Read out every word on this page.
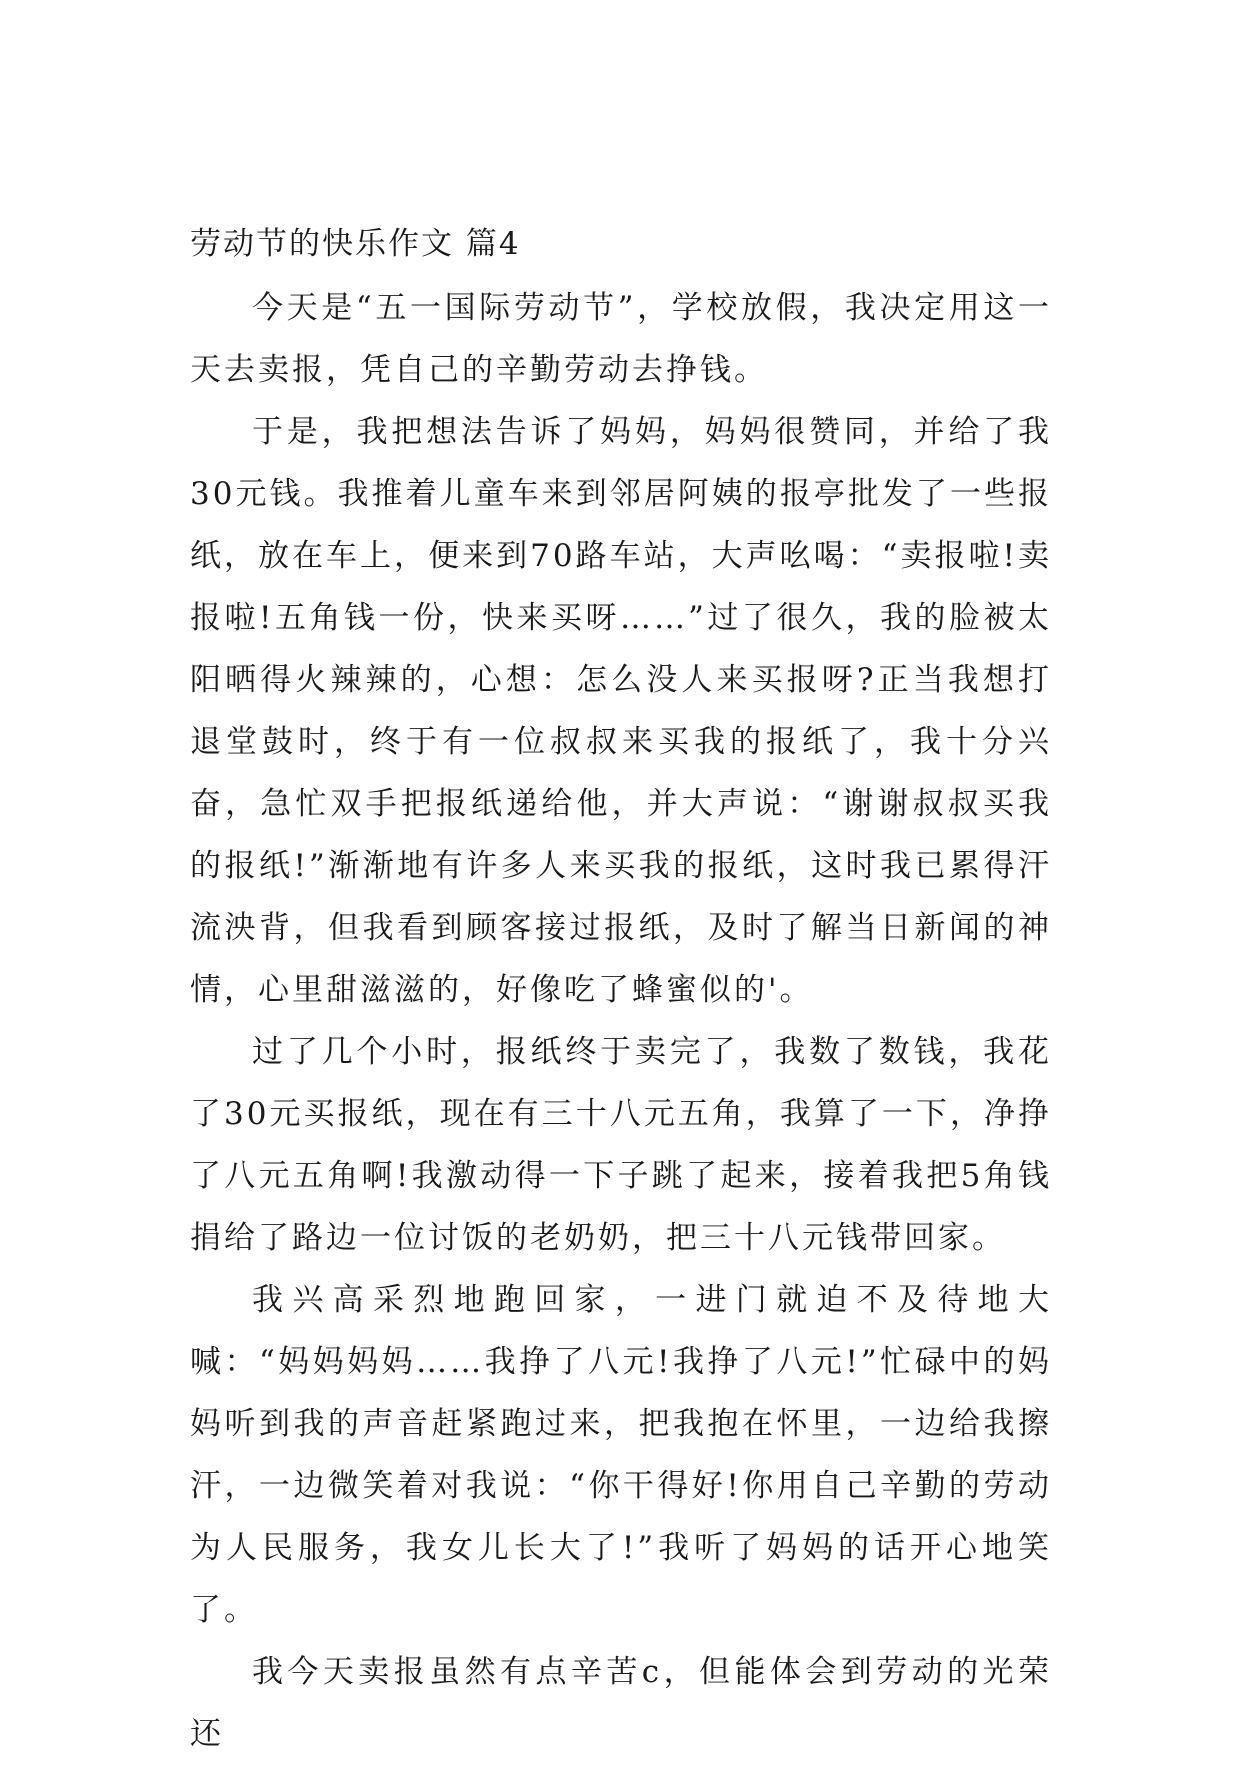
劳动节的快乐作文 篇4

今天是“五一国际劳动节”，学校放假，我决定用这一天去卖报，凭自己的辛勤劳动去挣钱。

于是，我把想法告诉了妈妈，妈妈很赞同，并给了我30元钱。我推着儿童车来到邻居阿姨的报亭批发了一些报纸，放在车上，便来到70路车站，大声吆喝：“卖报啦!卖报啦!五角钱一份，快来买呀……”过了很久，我的脸被太阳晒得火辣辣的，心想：怎么没人来买报呀?正当我想打退堂鼓时，终于有一位叔叔来买我的报纸了，我十分兴奋，急忙双手把报纸递给他，并大声说：“谢谢叔叔买我的报纸!”渐渐地有许多人来买我的报纸，这时我已累得汗流泱背，但我看到顾客接过报纸，及时了解当日新闻的神情，心里甜滋滋的，好像吃了蜂蜜似的'。

过了几个小时，报纸终于卖完了，我数了数钱，我花了30元买报纸，现在有三十八元五角，我算了一下，净挣了八元五角啊!我激动得一下子跳了起来，接着我把5角钱捐给了路边一位讨饭的老奶奶，把三十八元钱带回家。

我兴高采烈地跑回家，一进门就迫不及待地大喊：“妈妈妈妈……我挣了八元!我挣了八元!”忙碌中的妈妈听到我的声音赶紧跑过来，把我抱在怀里，一边给我擦汗，一边微笑着对我说：“你干得好!你用自己辛勤的劳动为人民服务，我女儿长大了!”我听了妈妈的话开心地笑了。

我今天卖报虽然有点辛苦c，但能体会到劳动的光荣还
